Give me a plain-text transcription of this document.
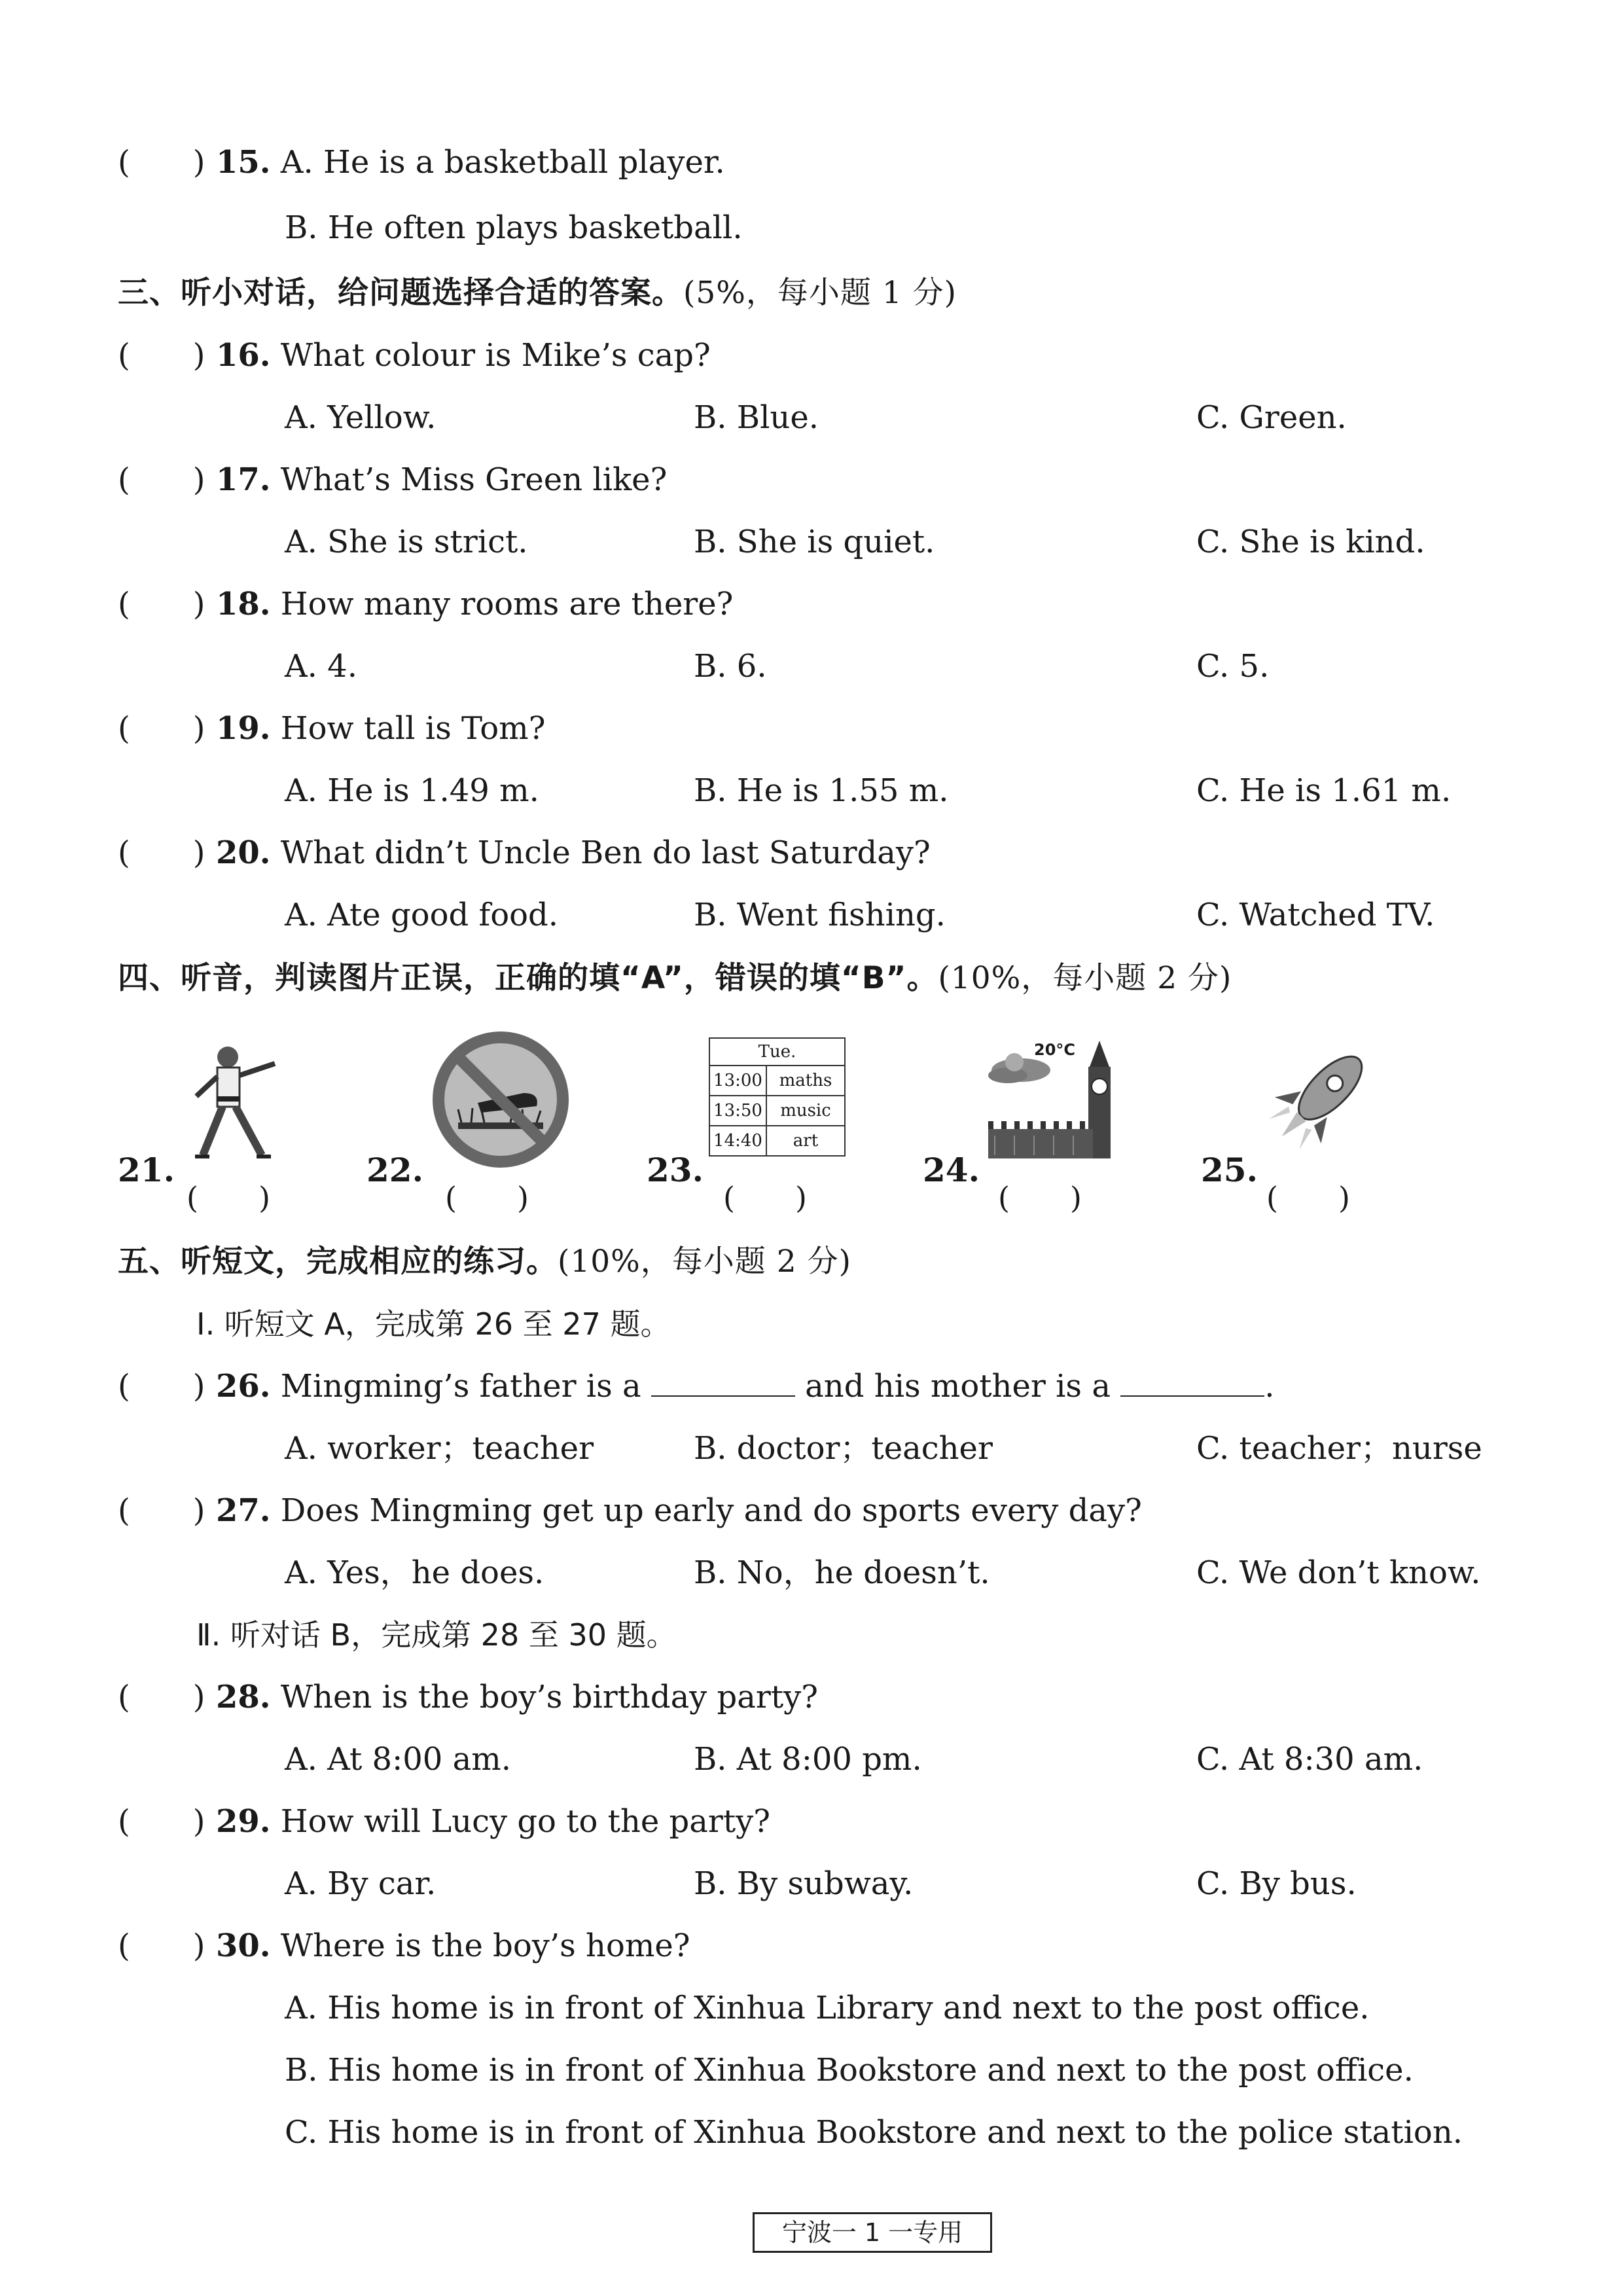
(　　) 15. A. He is a basketball player.
B. He often plays basketball.
三、听小对话，给问题选择合适的答案。(5%，每小题 1 分)
(　　) 16. What colour is Mike’s cap?
A. Yellow.	B. Blue.	C. Green.
(　　) 17. What’s Miss Green like?
A. She is strict.	B. She is quiet.	C. She is kind.
(　　) 18. How many rooms are there?
A. 4.	B. 6.	C. 5.
(　　) 19. How tall is Tom?
A. He is 1.49 m.	B. He is 1.55 m.	C. He is 1.61 m.
(　　) 20. What didn’t Uncle Ben do last Saturday?
A. Ate good food.	B. Went fishing.	C. Watched TV.
四、听音，判读图片正误，正确的填“A”，错误的填“B”。(10%，每小题 2 分)
21.
(　　)
22.
(　　)
Tue.
13:00 maths
13:50	music
14:40	art
23.
(　　)
20°C
24.
(　　)
25.
(　　)
五、听短文，完成相应的练习。(10%，每小题 2 分)
Ⅰ. 听短文 A，完成第 26 至 27 题。
(　　) 26. Mingming’s father is a	and his mother is a	.
A. worker；teacher	B. doctor；teacher	C. teacher；nurse
(　　) 27. Does Mingming get up early and do sports every day?
A. Yes，he does.	B. No，he doesn’t.	C. We don’t know.
Ⅱ. 听对话 B，完成第 28 至 30 题。
(　　) 28. When is the boy’s birthday party?
A. At 8:00 am.	B. At 8:00 pm.	C. At 8:30 am.
(　　) 29. How will Lucy go to the party?
A. By car.	B. By subway.	C. By bus.
(　　) 30. Where is the boy’s home?
A. His home is in front of Xinhua Library and next to the post office.
B. His home is in front of Xinhua Bookstore and next to the post office.
C. His home is in front of Xinhua Bookstore and next to the police station.
宁波一 1 一专用
